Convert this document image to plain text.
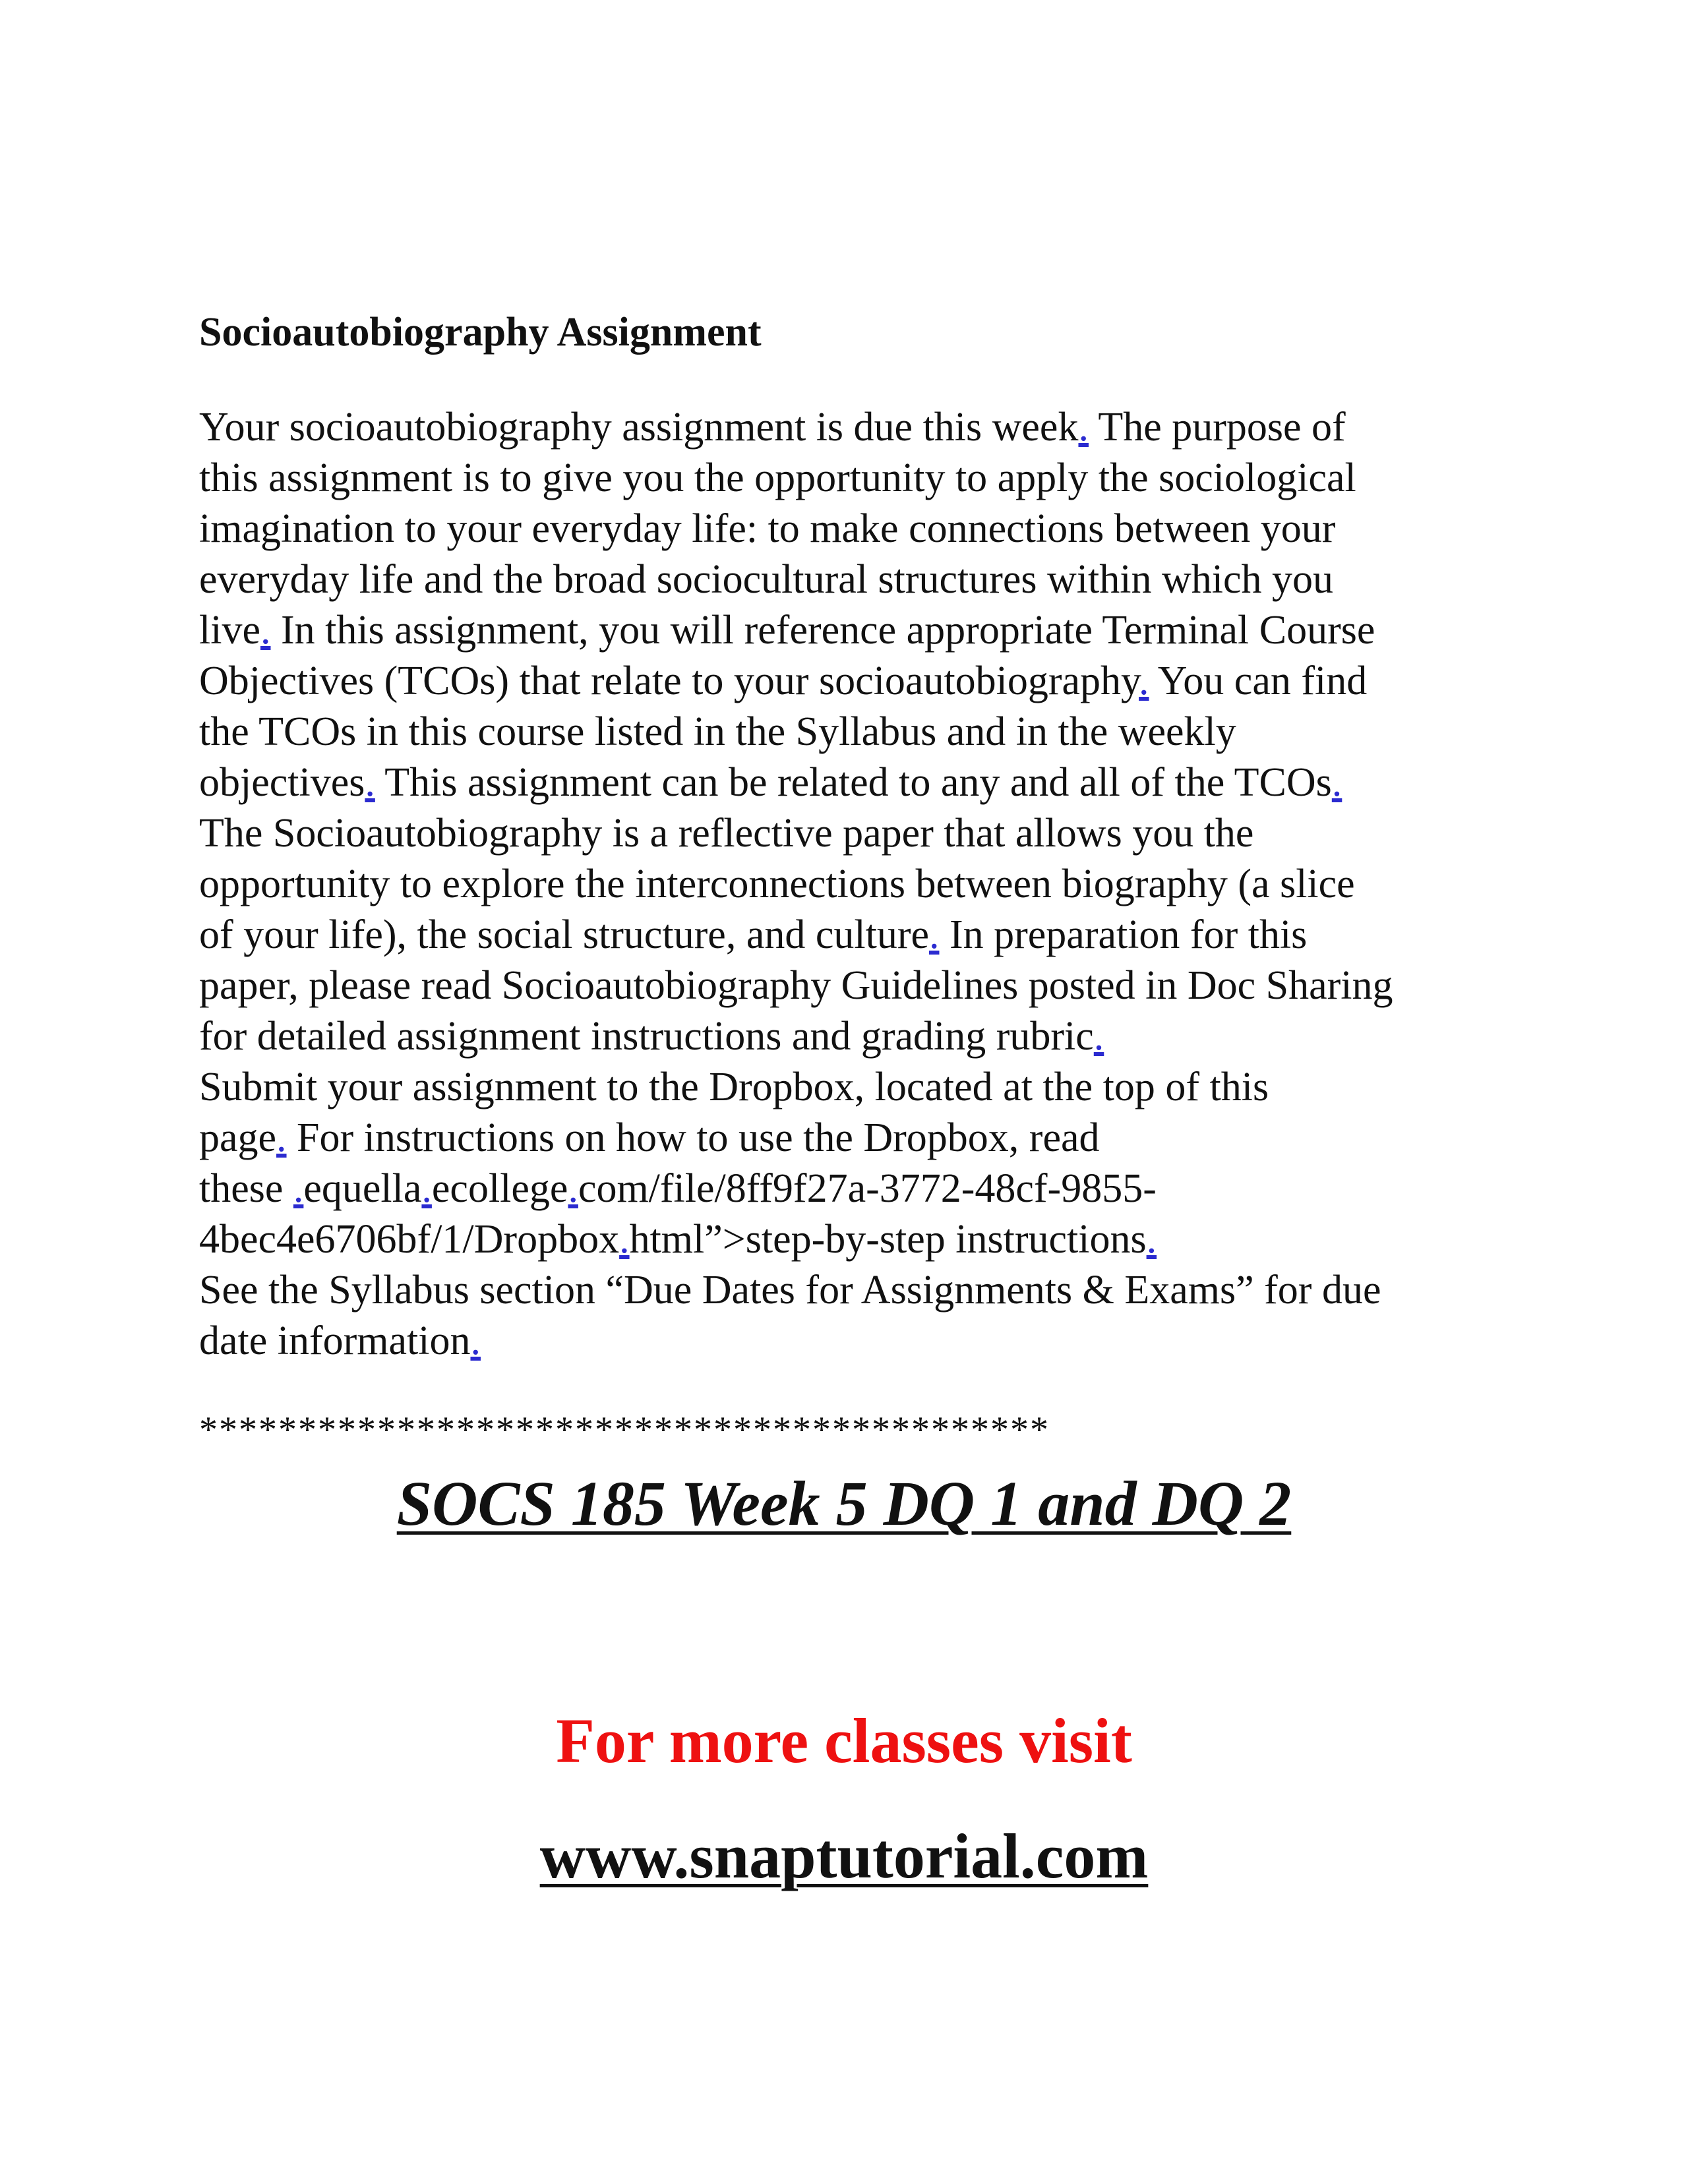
Socioautobiography Assignment
Your socioautobiography assignment is due this week. The purpose of
this assignment is to give you the opportunity to apply the sociological
imagination to your everyday life: to make connections between your
everyday life and the broad sociocultural structures within which you
live. In this assignment, you will reference appropriate Terminal Course
Objectives (TCOs) that relate to your socioautobiography. You can find
the TCOs in this course listed in the Syllabus and in the weekly
objectives. This assignment can be related to any and all of the TCOs.
The Socioautobiography is a reflective paper that allows you the
opportunity to explore the interconnections between biography (a slice
of your life), the social structure, and culture. In preparation for this
paper, please read Socioautobiography Guidelines posted in Doc Sharing
for detailed assignment instructions and grading rubric.
Submit your assignment to the Dropbox, located at the top of this
page. For instructions on how to use the Dropbox, read
these .equella.ecollege.com/file/8ff9f27a-3772-48cf-9855-
4bec4e6706bf/1/Dropbox.html”>step-by-step instructions.
See the Syllabus section “Due Dates for Assignments & Exams” for due
date information.
*******************************************
SOCS 185 Week 5 DQ 1 and DQ 2
For more classes visit
www.snaptutorial.com
